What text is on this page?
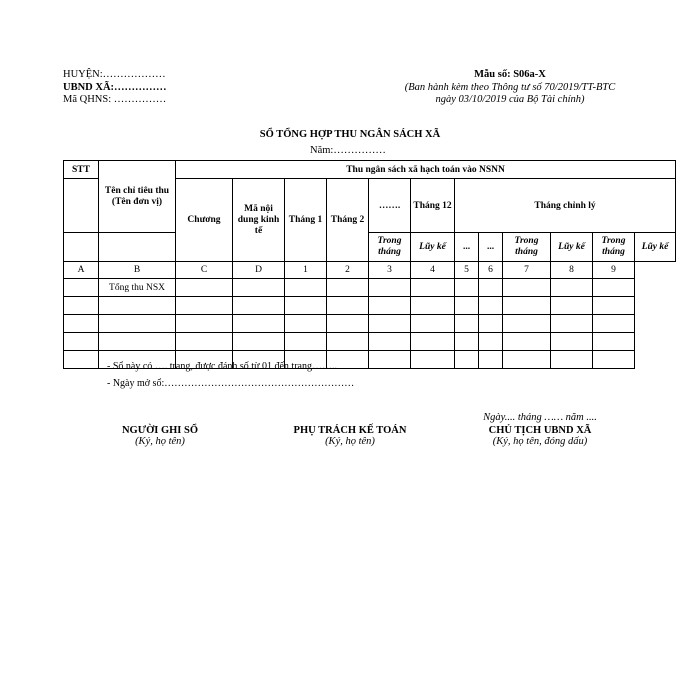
HUYỆN:………………
UBND XÃ:……………
Mã QHNS: ……………
Mẫu số: S06a-X
(Ban hành kèm theo Thông tư số 70/2019/TT-BTC
ngày 03/10/2019 của Bộ Tài chính)
SỔ TỔNG HỢP THU NGÂN SÁCH XÃ
Năm:……………
STT	Tên chỉ tiêu thu (Tên đơn vị)	Thu ngân sách xã hạch toán vào NSNN											
		Chương	Mã nội dung kinh tế	Tháng 1	Tháng 2	…….	Tháng 12	Tháng chỉnh lý					
						Trong tháng	Lũy kế	...	...	Trong tháng	Lũy kế	Trong tháng	Lũy kế
A	B	C	D	1	2	3	4	5	6	7	8	9	
	Tổng thu NSX												

- Sổ này có …. trang, được đánh số từ 01 đến trang……..
- Ngày mở sổ:…………………………………………………
Ngày.... tháng …… năm ....
NGƯỜI GHI SỔ
(Ký, họ tên)
PHỤ TRÁCH KẾ TOÁN
(Ký, họ tên)
CHỦ TỊCH UBND XÃ
(Ký, họ tên, đóng dấu)
